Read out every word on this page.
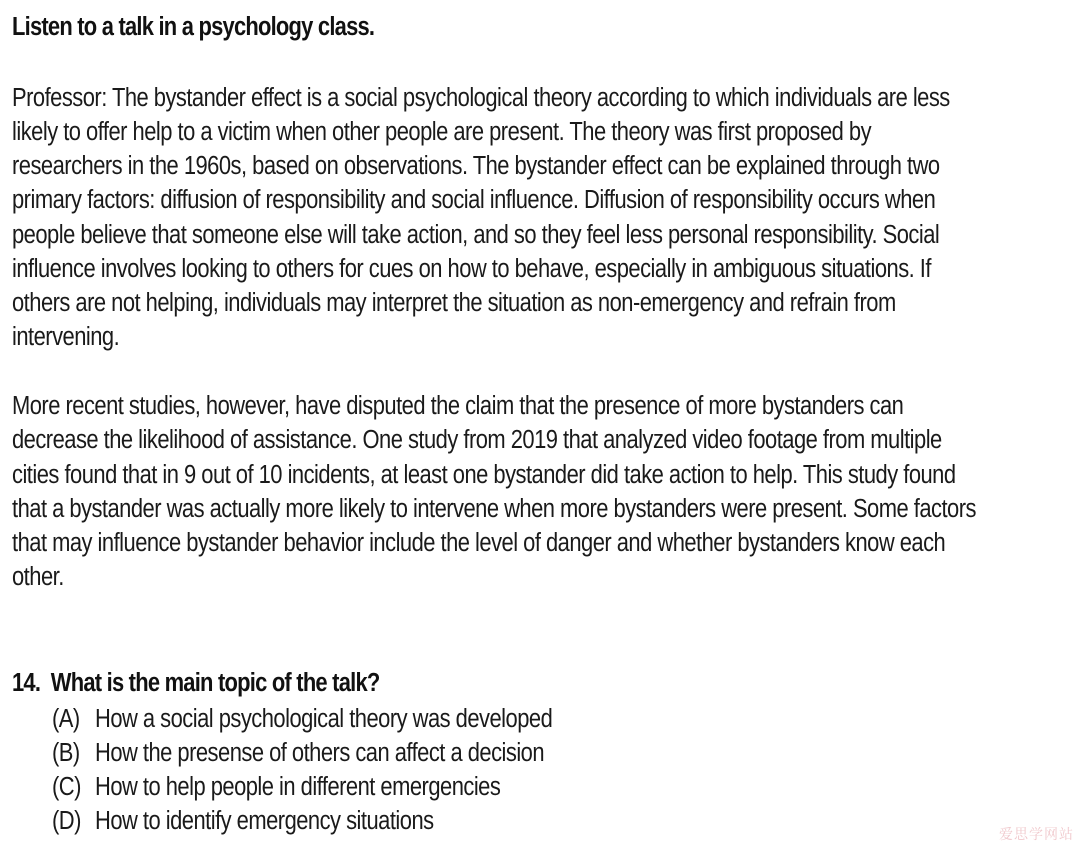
Listen to a talk in a psychology class.
Professor: The bystander effect is a social psychological theory according to which individuals are less
likely to offer help to a victim when other people are present. The theory was first proposed by
researchers in the 1960s, based on observations. The bystander effect can be explained through two
primary factors: diffusion of responsibility and social influence. Diffusion of responsibility occurs when
people believe that someone else will take action, and so they feel less personal responsibility. Social
influence involves looking to others for cues on how to behave, especially in ambiguous situations. If
others are not helping, individuals may interpret the situation as non-emergency and refrain from
intervening.
More recent studies, however, have disputed the claim that the presence of more bystanders can
decrease the likelihood of assistance. One study from 2019 that analyzed video footage from multiple
cities found that in 9 out of 10 incidents, at least one bystander did take action to help. This study found
that a bystander was actually more likely to intervene when more bystanders were present. Some factors
that may influence bystander behavior include the level of danger and whether bystanders know each
other.
14. What is the main topic of the talk?
(A) How a social psychological theory was developed
(B) How the presense of others can affect a decision
(C) How to help people in different emergencies
(D) How to identify emergency situations	爱思学网站
